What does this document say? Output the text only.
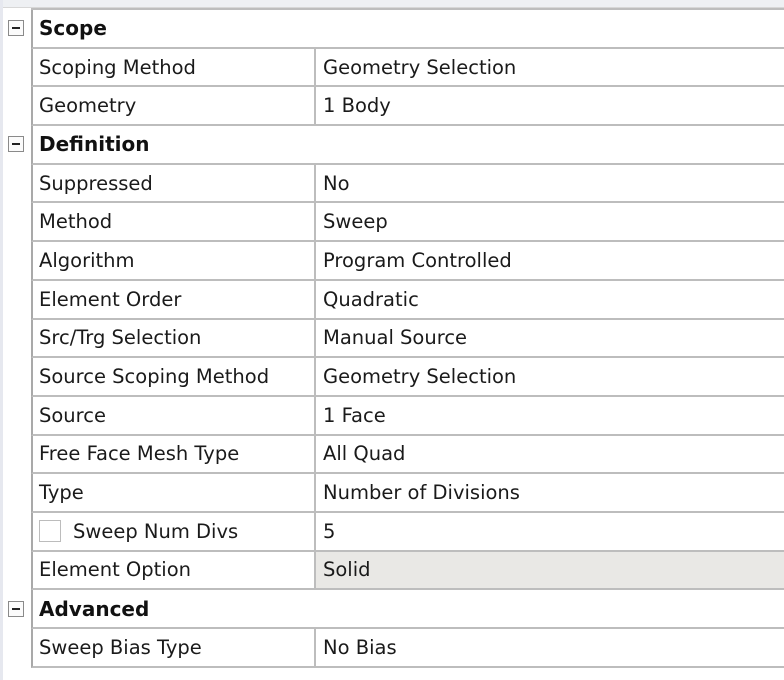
Scope
Scoping Method	Geometry Selection
Geometry	1 Body
Definition
Suppressed	No
Method	Sweep
Algorithm	Program Controlled
Element Order	Quadratic
Src/Trg Selection	Manual Source
Source Scoping Method	Geometry Selection
Source	1 Face
Free Face Mesh Type	All Quad
Type	Number of Divisions
Sweep Num Divs	5
Element Option	Solid
Advanced
Sweep Bias Type	No Bias
